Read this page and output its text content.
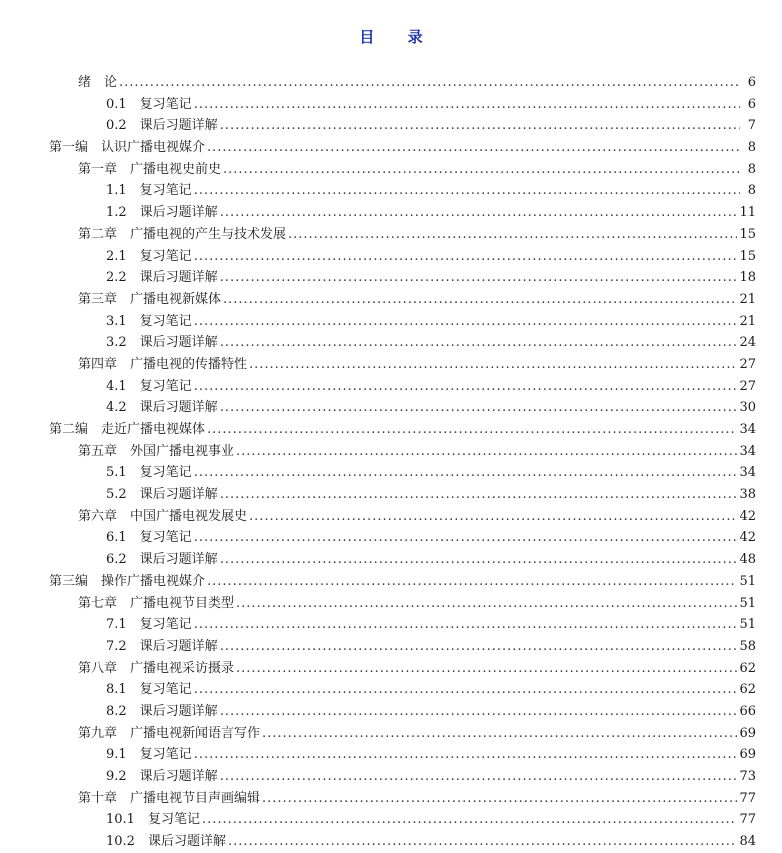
目 录
绪　论 .....	6
0.1　复习笔记 .....	6
0.2　课后习题详解 .....	7
第一编　认识广播电视媒介 .....	8
第一章　广播电视史前史 .....	8
1.1　复习笔记 .....	8
1.2　课后习题详解 .....	11
第二章　广播电视的产生与技术发展 .....	15
2.1　复习笔记 .....	15
2.2　课后习题详解 .....	18
第三章　广播电视新媒体 .....	21
3.1　复习笔记 .....	21
3.2　课后习题详解 .....	24
第四章　广播电视的传播特性 .....	27
4.1　复习笔记 .....	27
4.2　课后习题详解 .....	30
第二编　走近广播电视媒体 .....	34
第五章　外国广播电视事业 .....	34
5.1　复习笔记 .....	34
5.2　课后习题详解 .....	38
第六章　中国广播电视发展史 .....	42
6.1　复习笔记 .....	42
6.2　课后习题详解 .....	48
第三编　操作广播电视媒介 .....	51
第七章　广播电视节目类型 .....	51
7.1　复习笔记 .....	51
7.2　课后习题详解 .....	58
第八章　广播电视采访摄录 .....	62
8.1　复习笔记 .....	62
8.2　课后习题详解 .....	66
第九章　广播电视新闻语言写作 .....	69
9.1　复习笔记 .....	69
9.2　课后习题详解 .....	73
第十章　广播电视节目声画编辑 .....	77
10.1　复习笔记 .....	77
10.2　课后习题详解 .....	84
